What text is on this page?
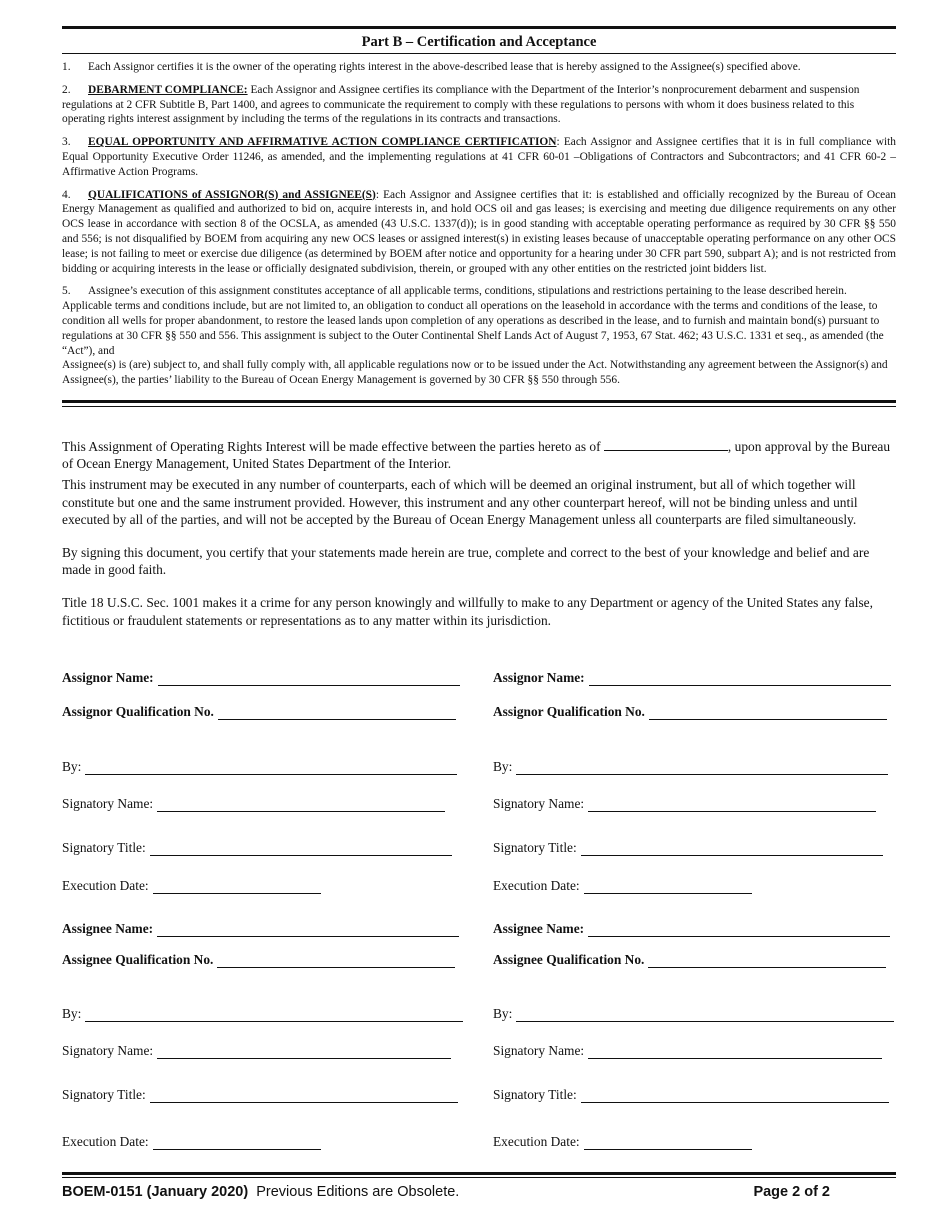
Part B – Certification and Acceptance

1. Each Assignor certifies it is the owner of the operating rights interest in the above-described lease that is hereby assigned to the Assignee(s) specified above.

2. DEBARMENT COMPLIANCE: Each Assignor and Assignee certifies its compliance with the Department of the Interior’s nonprocurement debarment and suspension regulations at 2 CFR Subtitle B, Part 1400, and agrees to communicate the requirement to comply with these regulations to persons with whom it does business related to this operating rights interest assignment by including the terms of the regulations in its contracts and transactions.

3. EQUAL OPPORTUNITY AND AFFIRMATIVE ACTION COMPLIANCE CERTIFICATION: Each Assignor and Assignee certifies that it is in full compliance with Equal Opportunity Executive Order 11246, as amended, and the implementing regulations at 41 CFR 60-01 –Obligations of Contractors and Subcontractors; and 41 CFR 60-2 – Affirmative Action Programs.

4. QUALIFICATIONS of ASSIGNOR(S) and ASSIGNEE(S): Each Assignor and Assignee certifies that it: is established and officially recognized by the Bureau of Ocean Energy Management as qualified and authorized to bid on, acquire interests in, and hold OCS oil and gas leases; is exercising and meeting due diligence requirements on any other OCS lease in accordance with section 8 of the OCSLA, as amended (43 U.S.C. 1337(d)); is in good standing with acceptable operating performance as required by 30 CFR §§ 550 and 556; is not disqualified by BOEM from acquiring any new OCS leases or assigned interest(s) in existing leases because of unacceptable operating performance on any other OCS lease; is not failing to meet or exercise due diligence (as determined by BOEM after notice and opportunity for a hearing under 30 CFR part 590, subpart A); and is not restricted from bidding or acquiring interests in the lease or officially designated subdivision, therein, or grouped with any other entities on the restricted joint bidders list.

5. Assignee’s execution of this assignment constitutes acceptance of all applicable terms, conditions, stipulations and restrictions pertaining to the lease described herein. Applicable terms and conditions include, but are not limited to, an obligation to conduct all operations on the leasehold in accordance with the terms and conditions of the lease, to condition all wells for proper abandonment, to restore the leased lands upon completion of any operations as described in the lease, and to furnish and maintain bond(s) pursuant to regulations at 30 CFR §§ 550 and 556. This assignment is subject to the Outer Continental Shelf Lands Act of August 7, 1953, 67 Stat. 462; 43 U.S.C. 1331 et seq., as amended (the “Act”), and

Assignee(s) is (are) subject to, and shall fully comply with, all applicable regulations now or to be issued under the Act. Notwithstanding any agreement between the Assignor(s) and Assignee(s), the parties’ liability to the Bureau of Ocean Energy Management is governed by 30 CFR §§ 550 through 556.

This Assignment of Operating Rights Interest will be made effective between the parties hereto as of	, upon approval by the Bureau of Ocean Energy Management, United States Department of the Interior.

This instrument may be executed in any number of counterparts, each of which will be deemed an original instrument, but all of which together will constitute but one and the same instrument provided. However, this instrument and any other counterpart hereof, will not be binding unless and until executed by all of the parties, and will not be accepted by the Bureau of Ocean Energy Management unless all counterparts are filed simultaneously.

By signing this document, you certify that your statements made herein are true, complete and correct to the best of your knowledge and belief and are made in good faith.

Title 18 U.S.C. Sec. 1001 makes it a crime for any person knowingly and willfully to make to any Department or agency of the United States any false, fictitious or fraudulent statements or representations as to any matter within its jurisdiction.

Assignor Name:
Assignor Qualification No.
By:
Signatory Name:
Signatory Title:
Execution Date:
Assignee Name:
Assignee Qualification No.
By:
Signatory Name:
Signatory Title:
Execution Date:
Assignor Name:
Assignor Qualification No.
By:
Signatory Name:
Signatory Title:
Execution Date:
Assignee Name:
Assignee Qualification No.
By:
Signatory Name:
Signatory Title:
Execution Date:
BOEM-0151 (January 2020)  Previous Editions are Obsolete.	Page 2 of 2
